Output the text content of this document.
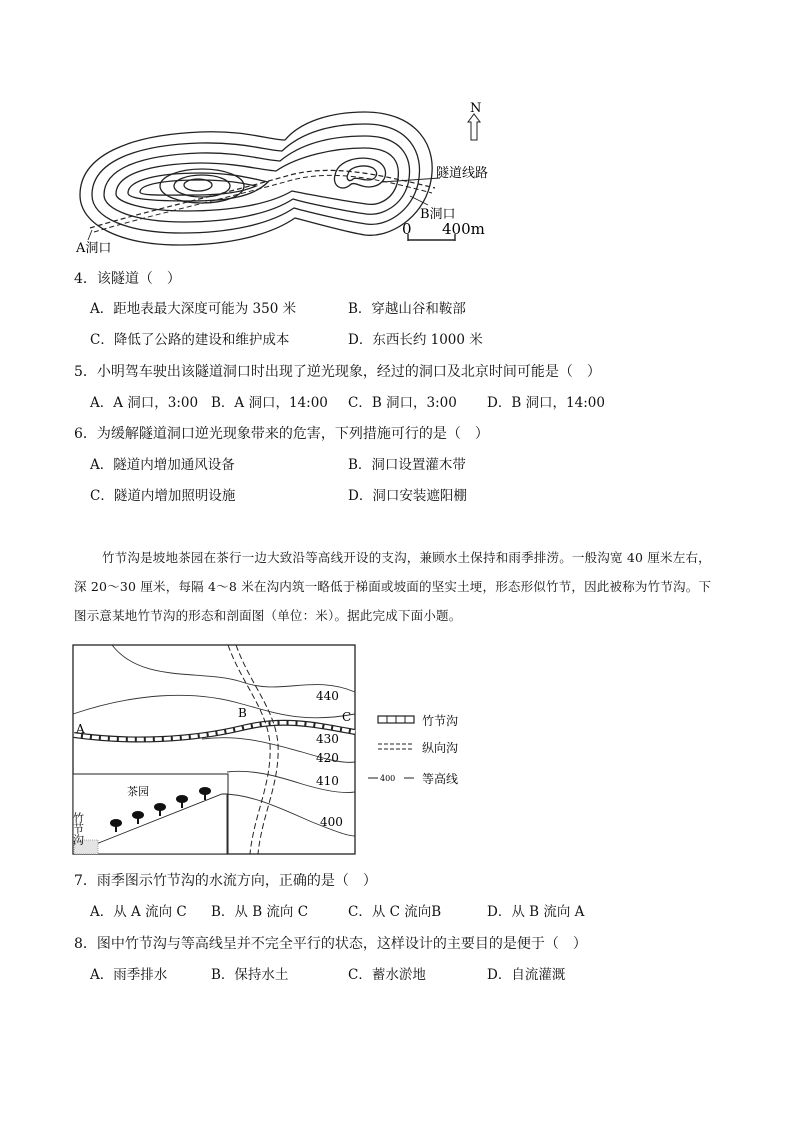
N
隧道线路
B洞口
A洞口
0 400m
4．该隧道（　）
A．距地表最大深度可能为 350 米	B．穿越山谷和鞍部
C．降低了公路的建设和维护成本	D．东西长约 1000 米
5．小明驾车驶出该隧道洞口时出现了逆光现象，经过的洞口及北京时间可能是（　）
A．A 洞口，3:00 B．A 洞口，14:00 C．B 洞口，3:00 D．B 洞口，14:00
6．为缓解隧道洞口逆光现象带来的危害，下列措施可行的是（　）
A．隧道内增加通风设备	B．洞口设置灌木带
C．隧道内增加照明设施	D．洞口安装遮阳棚
竹节沟是坡地茶园在茶行一边大致沿等高线开设的支沟，兼顾水土保持和雨季排涝。一般沟宽 40 厘米左右，深 20～30 厘米，每隔 4～8 米在沟内筑一略低于梯面或坡面的坚实土埂，形态形似竹节，因此被称为竹节沟。下图示意某地竹节沟的形态和剖面图（单位：米）。据此完成下面小题。
440
430
420
410
400
A
B	C
茶园
竹节沟
竹节沟
纵向沟
400 等高线
7．雨季图示竹节沟的水流方向，正确的是（　）
A．从 A 流向 C B．从 B 流向 C	C．从 C 流向B	D．从 B 流向 A
8．图中竹节沟与等高线呈并不完全平行的状态，这样设计的主要目的是便于（　）
A．雨季排水	B．保持水土	C．蓄水淤地	D．自流灌溉
